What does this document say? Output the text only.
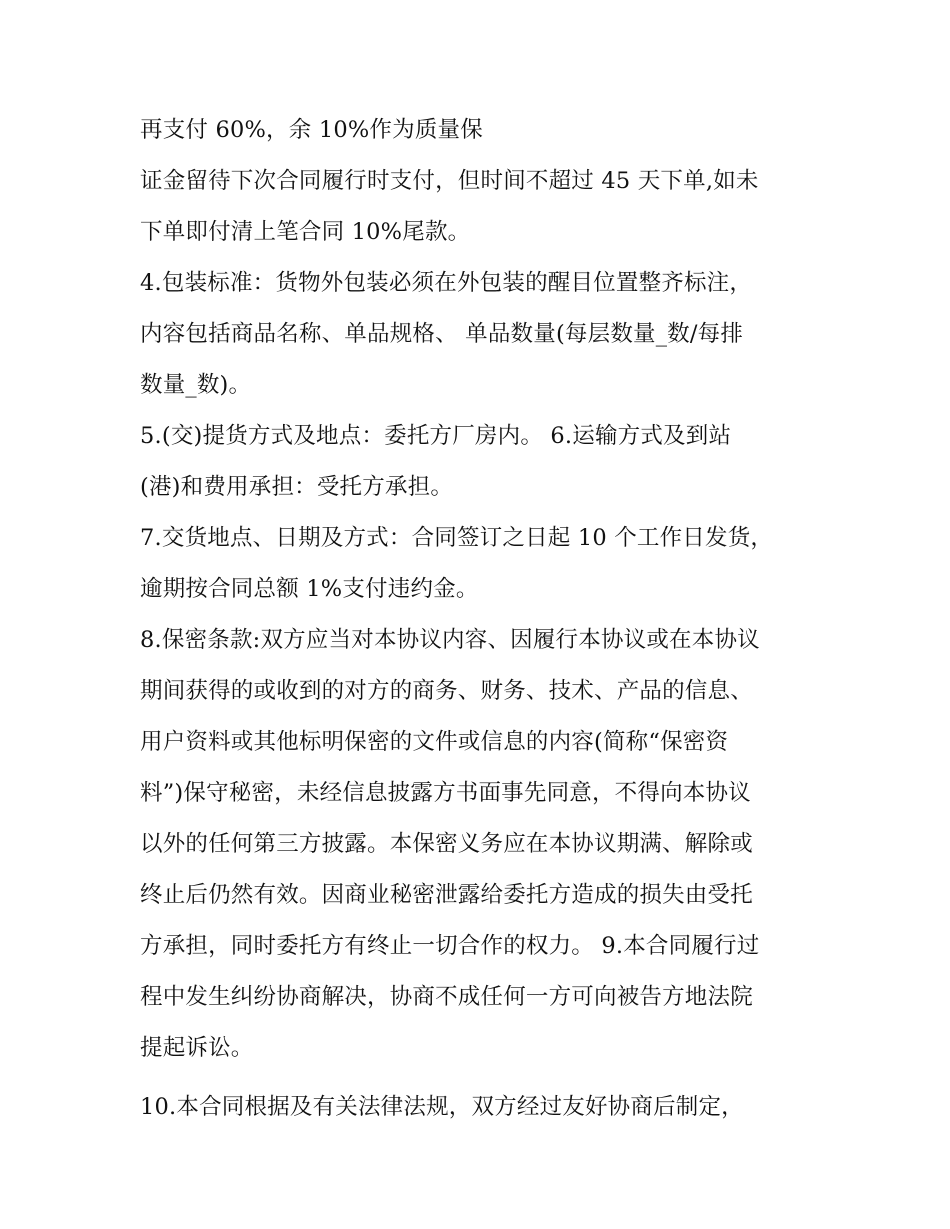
再支付 60%，余 10%作为质量保
证金留待下次合同履行时支付，但时间不超过 45 天下单,如未
下单即付清上笔合同 10%尾款。
4.包装标准：货物外包装必须在外包装的醒目位置整齐标注，
内容包括商品名称、单品规格、 单品数量(每层数量_数/每排
数量_数)。
5.(交)提货方式及地点：委托方厂房内。 6.运输方式及到站
(港)和费用承担：受托方承担。
7.交货地点、日期及方式：合同签订之日起 10 个工作日发货，
逾期按合同总额 1%支付违约金。
8.保密条款:双方应当对本协议内容、因履行本协议或在本协议
期间获得的或收到的对方的商务、财务、技术、产品的信息、
用户资料或其他标明保密的文件或信息的内容(简称“保密资
料”)保守秘密，未经信息披露方书面事先同意，不得向本协议
以外的任何第三方披露。本保密义务应在本协议期满、解除或
终止后仍然有效。因商业秘密泄露给委托方造成的损失由受托
方承担，同时委托方有终止一切合作的权力。 9.本合同履行过
程中发生纠纷协商解决，协商不成任何一方可向被告方地法院
提起诉讼。
10.本合同根据及有关法律法规，双方经过友好协商后制定，
